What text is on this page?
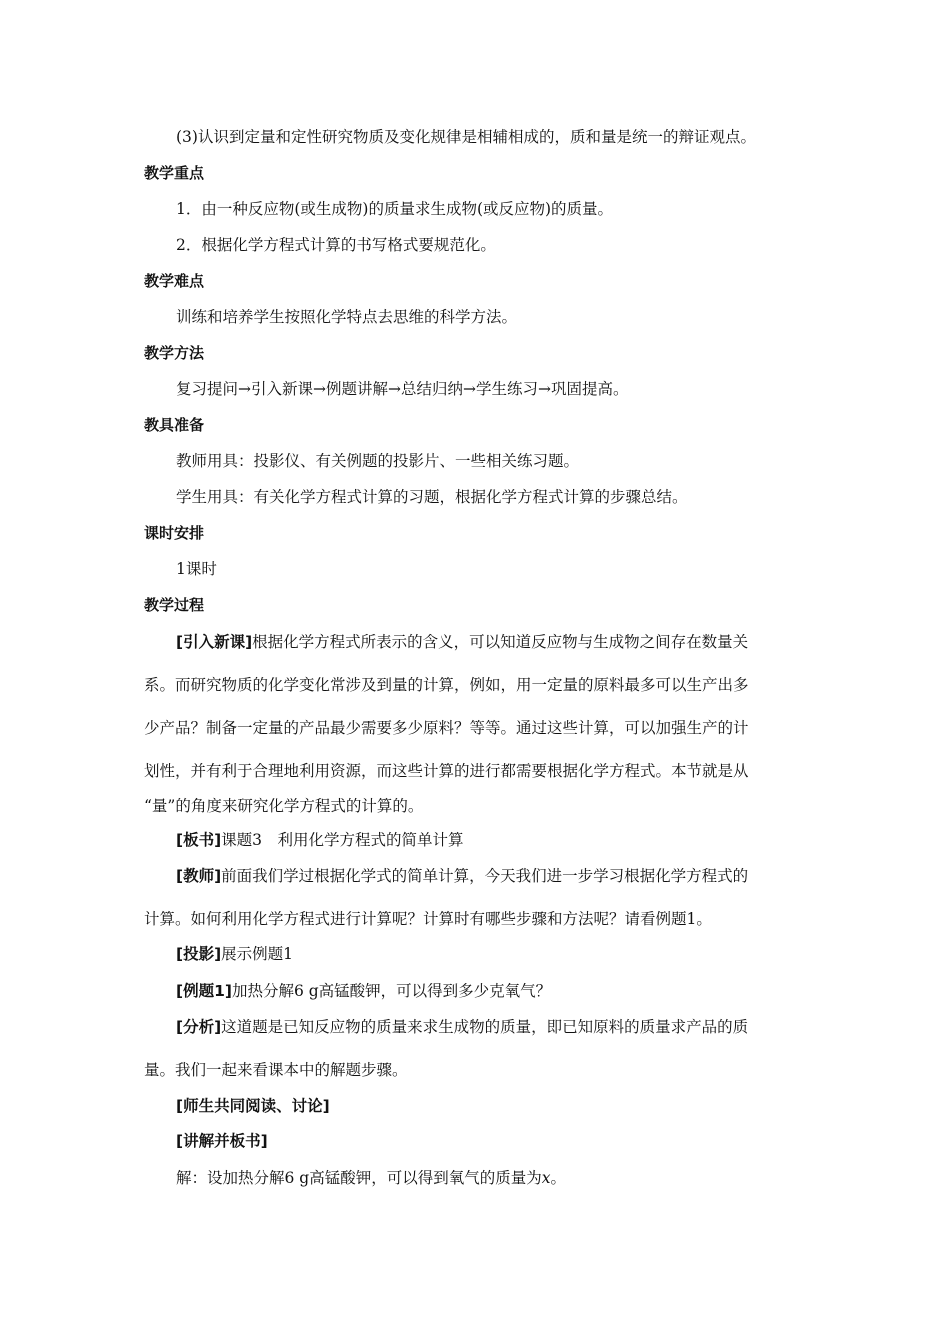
(3)认识到定量和定性研究物质及变化规律是相辅相成的，质和量是统一的辩证观点。
教学重点
1．由一种反应物(或生成物)的质量求生成物(或反应物)的质量。
2．根据化学方程式计算的书写格式要规范化。
教学难点
训练和培养学生按照化学特点去思维的科学方法。
教学方法
复习提问→引入新课→例题讲解→总结归纳→学生练习→巩固提高。
教具准备
教师用具：投影仪、有关例题的投影片、一些相关练习题。
学生用具：有关化学方程式计算的习题，根据化学方程式计算的步骤总结。
课时安排
1课时
教学过程
[引入新课]根据化学方程式所表示的含义，可以知道反应物与生成物之间存在数量关
系。而研究物质的化学变化常涉及到量的计算，例如，用一定量的原料最多可以生产出多
少产品？制备一定量的产品最少需要多少原料？等等。通过这些计算，可以加强生产的计
划性，并有利于合理地利用资源，而这些计算的进行都需要根据化学方程式。本节就是从
“量”的角度来研究化学方程式的计算的。
[板书]课题3　利用化学方程式的简单计算
[教师]前面我们学过根据化学式的简单计算，今天我们进一步学习根据化学方程式的
计算。如何利用化学方程式进行计算呢？计算时有哪些步骤和方法呢？请看例题1。
[投影]展示例题1
[例题1]加热分解6 g高锰酸钾，可以得到多少克氧气？
[分析]这道题是已知反应物的质量来求生成物的质量，即已知原料的质量求产品的质
量。我们一起来看课本中的解题步骤。
[师生共同阅读、讨论]
[讲解并板书]
解：设加热分解6 g高锰酸钾，可以得到氧气的质量为x。
